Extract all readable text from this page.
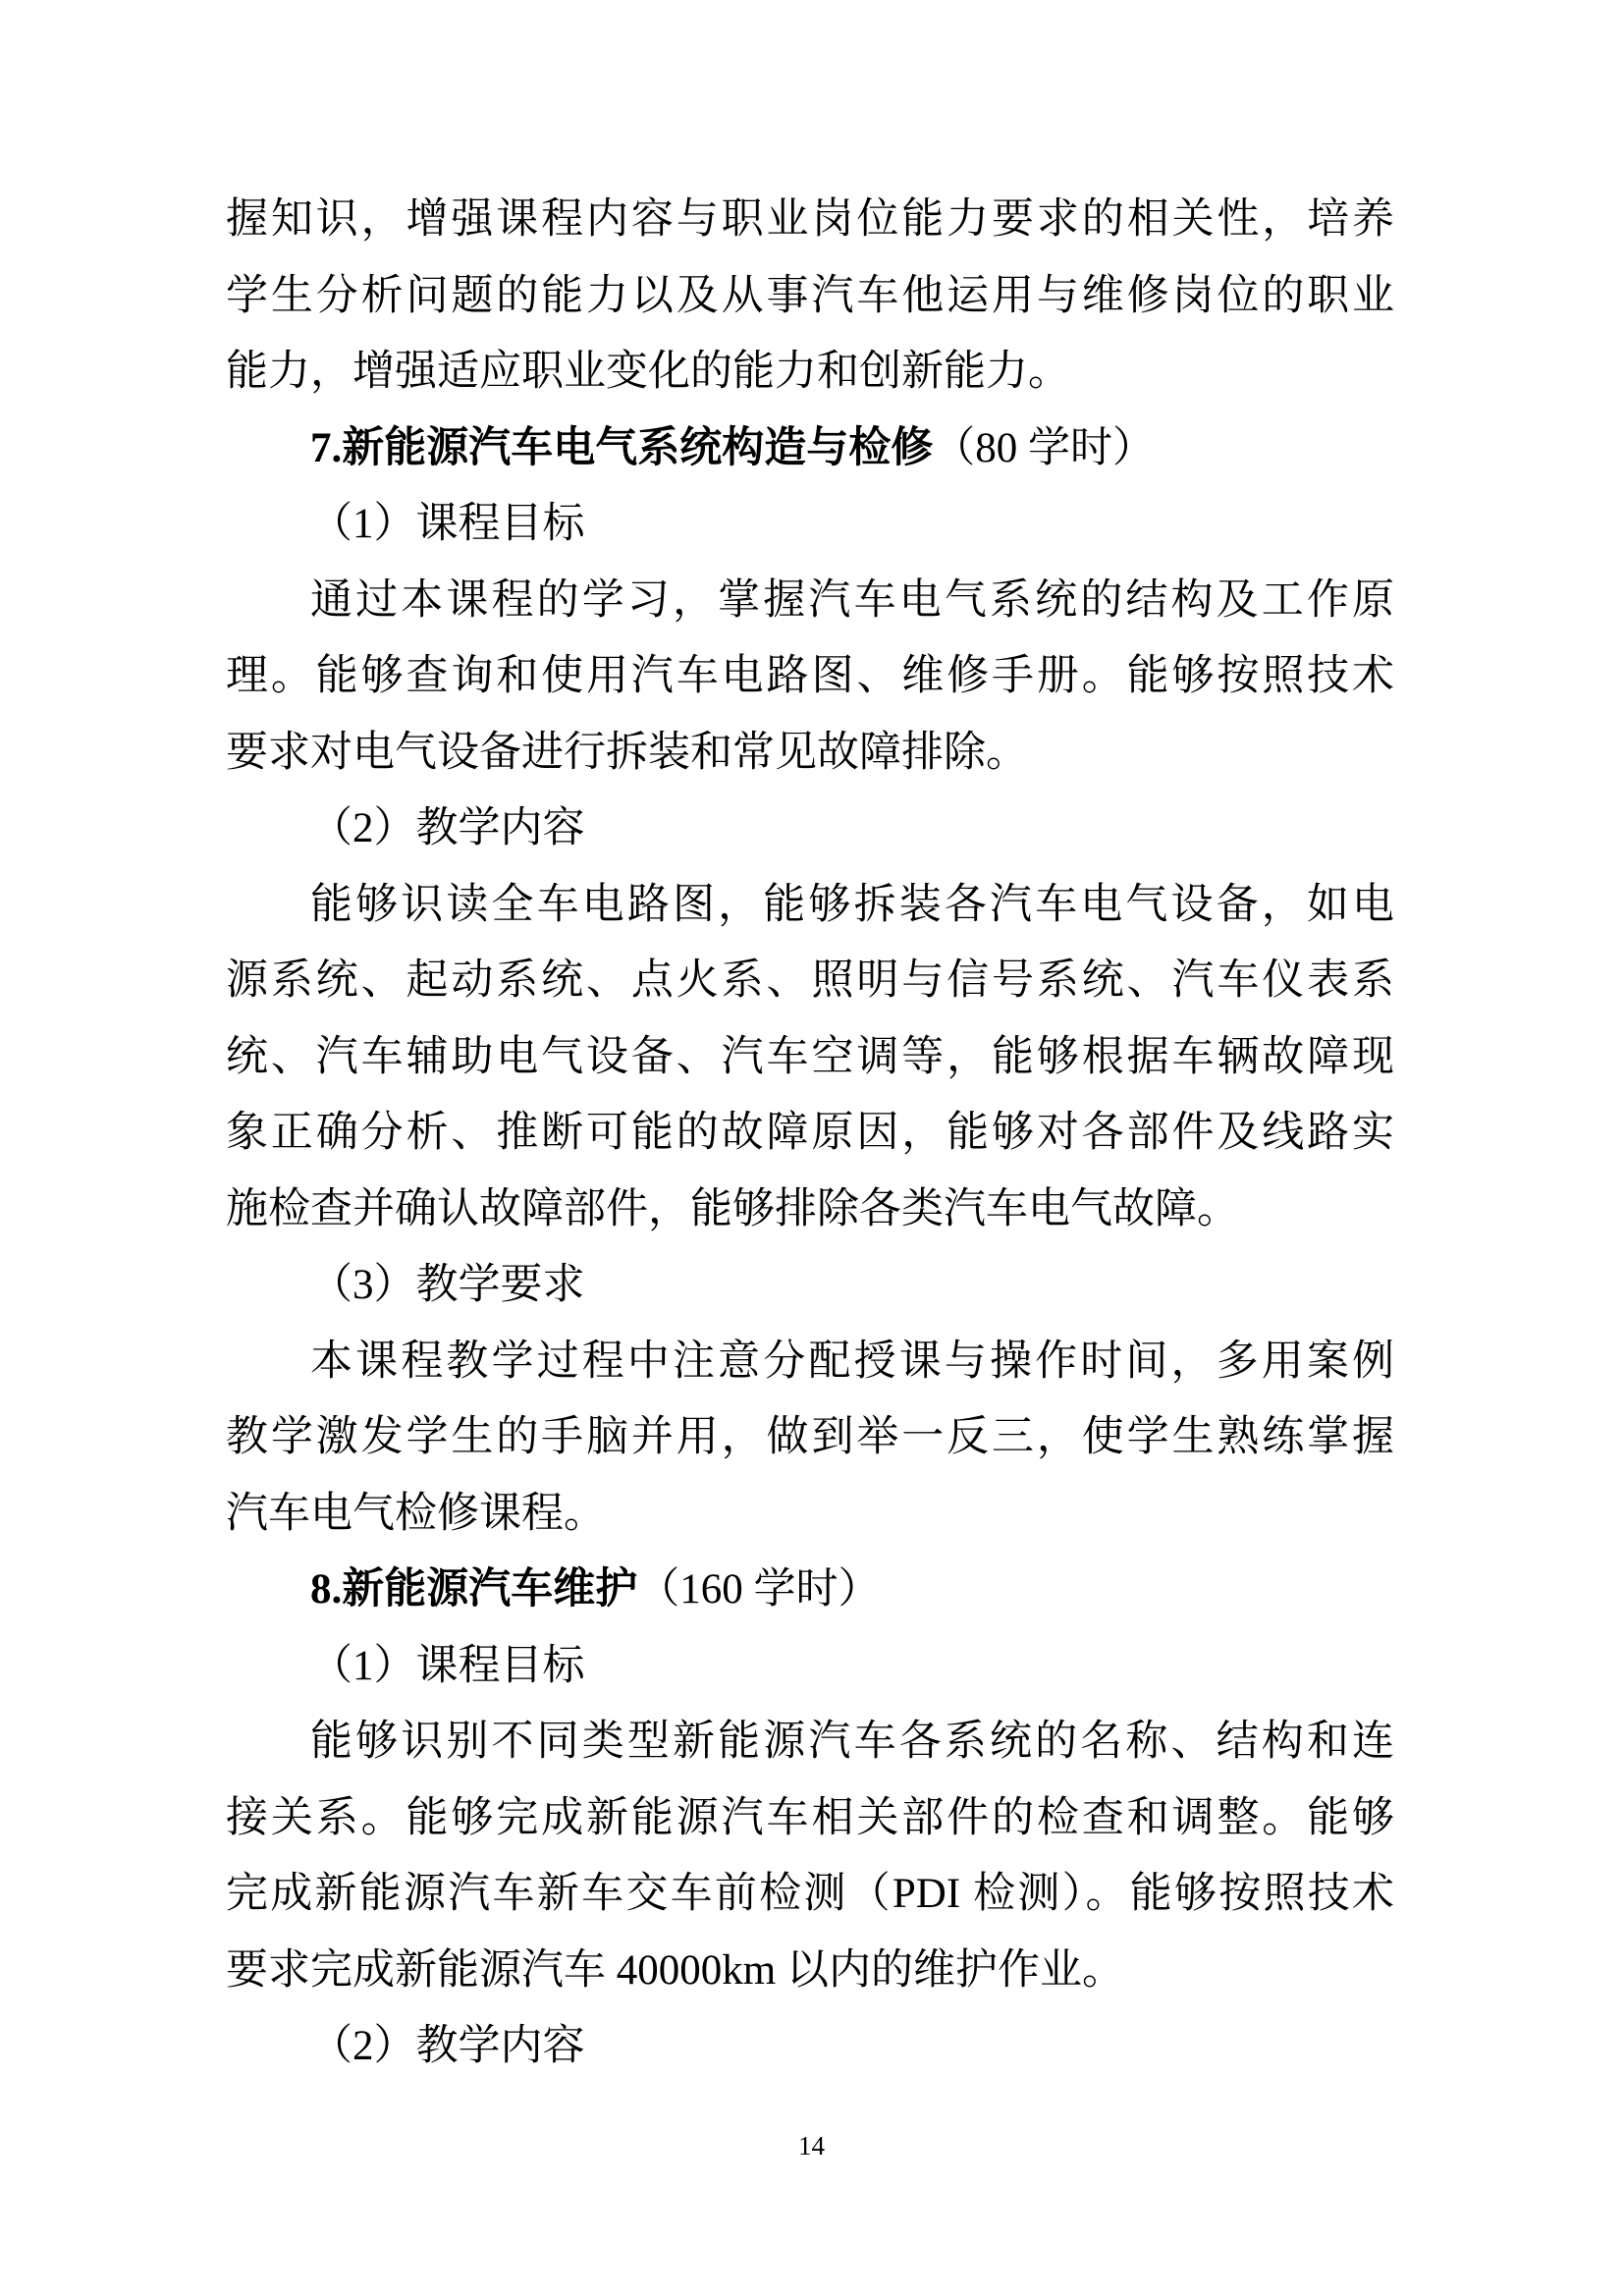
握知识，增强课程内容与职业岗位能力要求的相关性，培养
学生分析问题的能力以及从事汽车他运用与维修岗位的职业
能力，增强适应职业变化的能力和创新能力。
7.新能源汽车电气系统构造与检修（80 学时）
（1）课程目标
通过本课程的学习，掌握汽车电气系统的结构及工作原
理。能够查询和使用汽车电路图、维修手册。能够按照技术
要求对电气设备进行拆装和常见故障排除。
（2）教学内容
能够识读全车电路图，能够拆装各汽车电气设备，如电
源系统、起动系统、点火系、照明与信号系统、汽车仪表系
统、汽车辅助电气设备、汽车空调等，能够根据车辆故障现
象正确分析、推断可能的故障原因，能够对各部件及线路实
施检查并确认故障部件，能够排除各类汽车电气故障。
（3）教学要求
本课程教学过程中注意分配授课与操作时间，多用案例
教学激发学生的手脑并用，做到举一反三，使学生熟练掌握
汽车电气检修课程。
8.新能源汽车维护（160 学时）
（1）课程目标
能够识别不同类型新能源汽车各系统的名称、结构和连
接关系。能够完成新能源汽车相关部件的检查和调整。能够
完成新能源汽车新车交车前检测（PDI 检测）。能够按照技术
要求完成新能源汽车 40000km 以内的维护作业。
（2）教学内容
14
